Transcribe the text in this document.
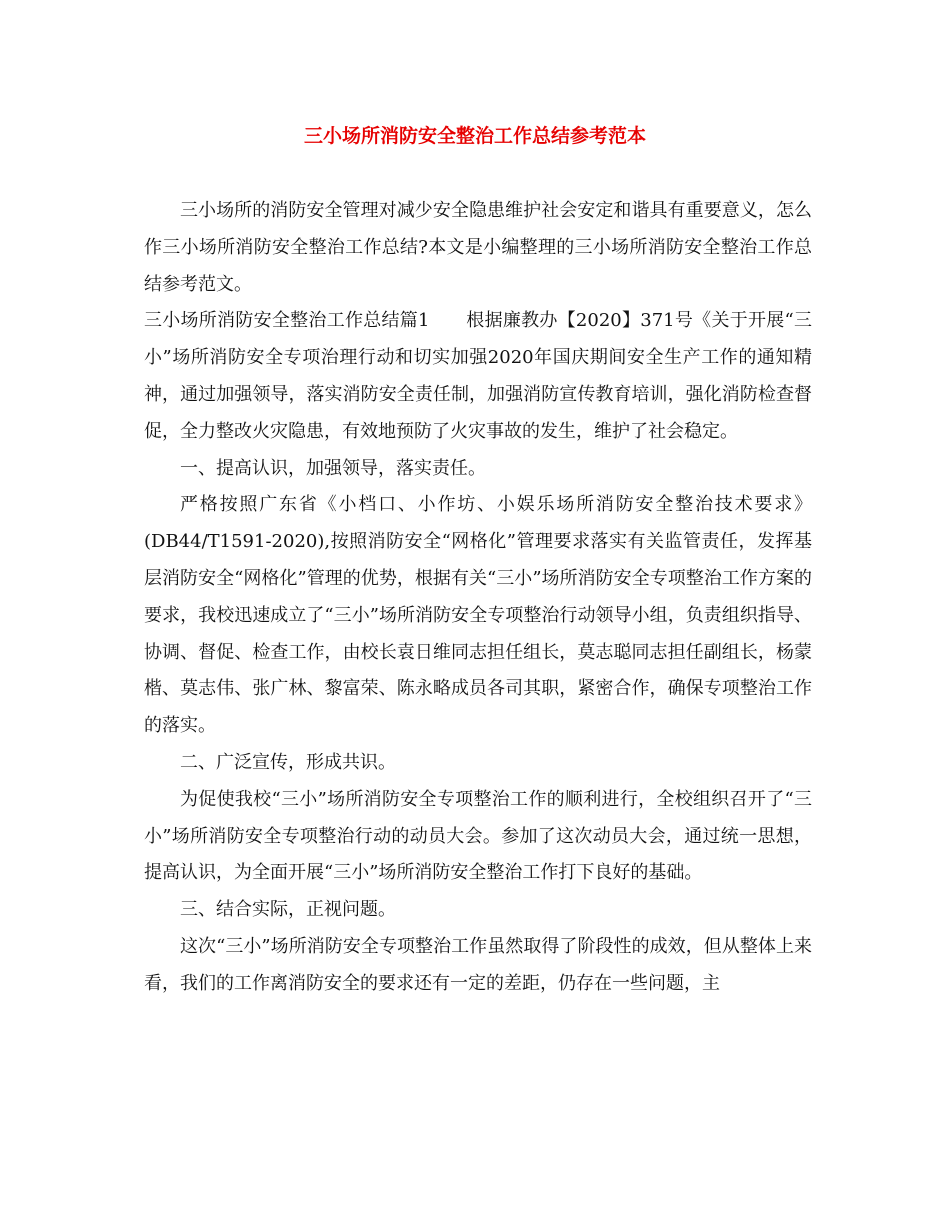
三小场所消防安全整治工作总结参考范本

三小场所的消防安全管理对减少安全隐患维护社会安定和谐具有重要意义，怎么作三小场所消防安全整治工作总结?本文是小编整理的三小场所消防安全整治工作总结参考范文。

三小场所消防安全整治工作总结篇1　　根据廉教办【2020】371号《关于开展“三小”场所消防安全专项治理行动和切实加强2020年国庆期间安全生产工作的通知精神，通过加强领导，落实消防安全责任制，加强消防宣传教育培训，强化消防检查督促，全力整改火灾隐患，有效地预防了火灾事故的发生，维护了社会稳定。

一、提高认识，加强领导，落实责任。

严格按照广东省《小档口、小作坊、小娱乐场所消防安全整治技术要求》(DB44/T1591-2020),按照消防安全“网格化”管理要求落实有关监管责任，发挥基层消防安全“网格化”管理的优势，根据有关“三小”场所消防安全专项整治工作方案的要求，我校迅速成立了“三小”场所消防安全专项整治行动领导小组，负责组织指导、协调、督促、检查工作，由校长袁日维同志担任组长，莫志聪同志担任副组长，杨蒙楷、莫志伟、张广林、黎富荣、陈永略成员各司其职，紧密合作，确保专项整治工作的落实。

二、广泛宣传，形成共识。

为促使我校“三小”场所消防安全专项整治工作的顺利进行，全校组织召开了“三小”场所消防安全专项整治行动的动员大会。参加了这次动员大会，通过统一思想，提高认识，为全面开展“三小”场所消防安全整治工作打下良好的基础。

三、结合实际，正视问题。

这次“三小”场所消防安全专项整治工作虽然取得了阶段性的成效，但从整体上来看，我们的工作离消防安全的要求还有一定的差距，仍存在一些问题，主
